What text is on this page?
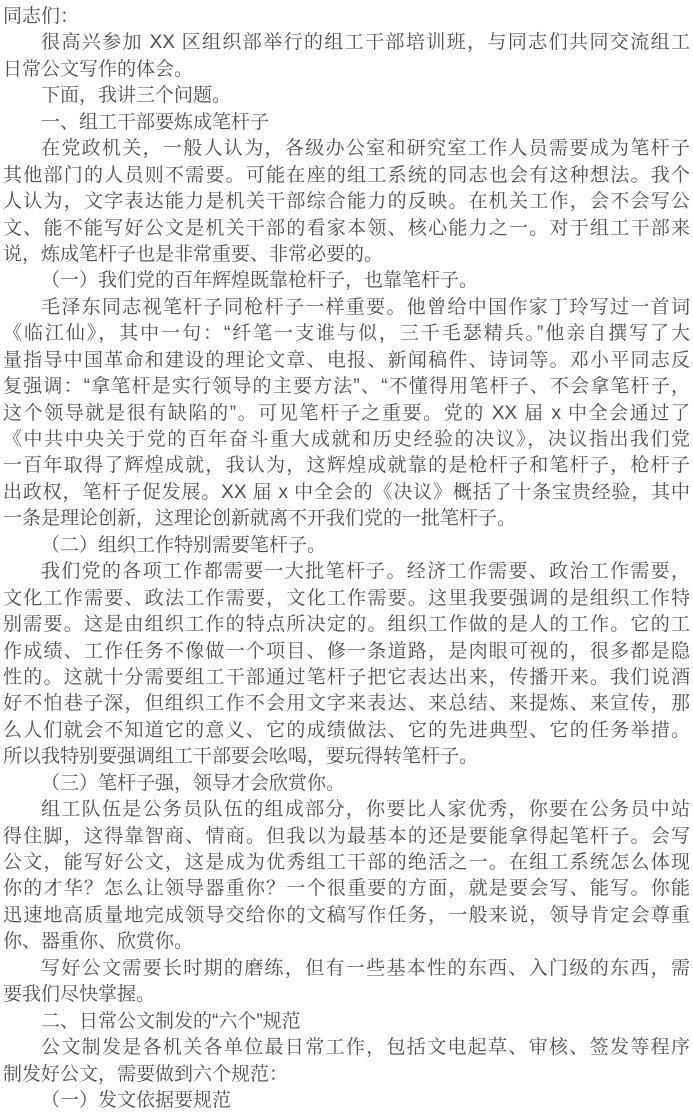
同志们：
很高兴参加 XX 区组织部举行的组工干部培训班，与同志们共同交流组工
日常公文写作的体会。
下面，我讲三个问题。
一、组工干部要炼成笔杆子
在党政机关，一般人认为，各级办公室和研究室工作人员需要成为笔杆子
其他部门的人员则不需要。可能在座的组工系统的同志也会有这种想法。我个
人认为，文字表达能力是机关干部综合能力的反映。在机关工作，会不会写公
文、能不能写好公文是机关干部的看家本领、核心能力之一。对于组工干部来
说，炼成笔杆子也是非常重要、非常必要的。
（一）我们党的百年辉煌既靠枪杆子，也靠笔杆子。
毛泽东同志视笔杆子同枪杆子一样重要。他曾给中国作家丁玲写过一首词
《临江仙》，其中一句：“纤笔一支谁与似，三千毛瑟精兵。”他亲自撰写了大
量指导中国革命和建设的理论文章、电报、新闻稿件、诗词等。邓小平同志反
复强调：“拿笔杆是实行领导的主要方法”、“不懂得用笔杆子、不会拿笔杆子，
这个领导就是很有缺陷的”。可见笔杆子之重要。党的 XX 届 x 中全会通过了
《中共中央关于党的百年奋斗重大成就和历史经验的决议》，决议指出我们党
一百年取得了辉煌成就，我认为，这辉煌成就靠的是枪杆子和笔杆子，枪杆子
出政权，笔杆子促发展。XX 届 x 中全会的《决议》概括了十条宝贵经验，其中
一条是理论创新，这理论创新就离不开我们党的一批笔杆子。
（二）组织工作特别需要笔杆子。
我们党的各项工作都需要一大批笔杆子。经济工作需要、政治工作需要，
文化工作需要、政法工作需要，文化工作需要。这里我要强调的是组织工作特
别需要。这是由组织工作的特点所决定的。组织工作做的是人的工作。它的工
作成绩、工作任务不像做一个项目、修一条道路，是肉眼可视的，很多都是隐
性的。这就十分需要组工干部通过笔杆子把它表达出来，传播开来。我们说酒
好不怕巷子深，但组织工作不会用文字来表达、来总结、来提炼、来宣传，那
么人们就会不知道它的意义、它的成绩做法、它的先进典型、它的任务举措。
所以我特别要强调组工干部要会吆喝，要玩得转笔杆子。
（三）笔杆子强，领导才会欣赏你。
组工队伍是公务员队伍的组成部分，你要比人家优秀，你要在公务员中站
得住脚，这得靠智商、情商。但我以为最基本的还是要能拿得起笔杆子。会写
公文，能写好公文，这是成为优秀组工干部的绝活之一。在组工系统怎么体现
你的才华？怎么让领导器重你？一个很重要的方面，就是要会写、能写。你能
迅速地高质量地完成领导交给你的文稿写作任务，一般来说，领导肯定会尊重
你、器重你、欣赏你。
写好公文需要长时期的磨练，但有一些基本性的东西、入门级的东西，需
要我们尽快掌握。
二、日常公文制发的“六个”规范
公文制发是各机关各单位最日常工作，包括文电起草、审核、签发等程序
制发好公文，需要做到六个规范：
（一）发文依据要规范
